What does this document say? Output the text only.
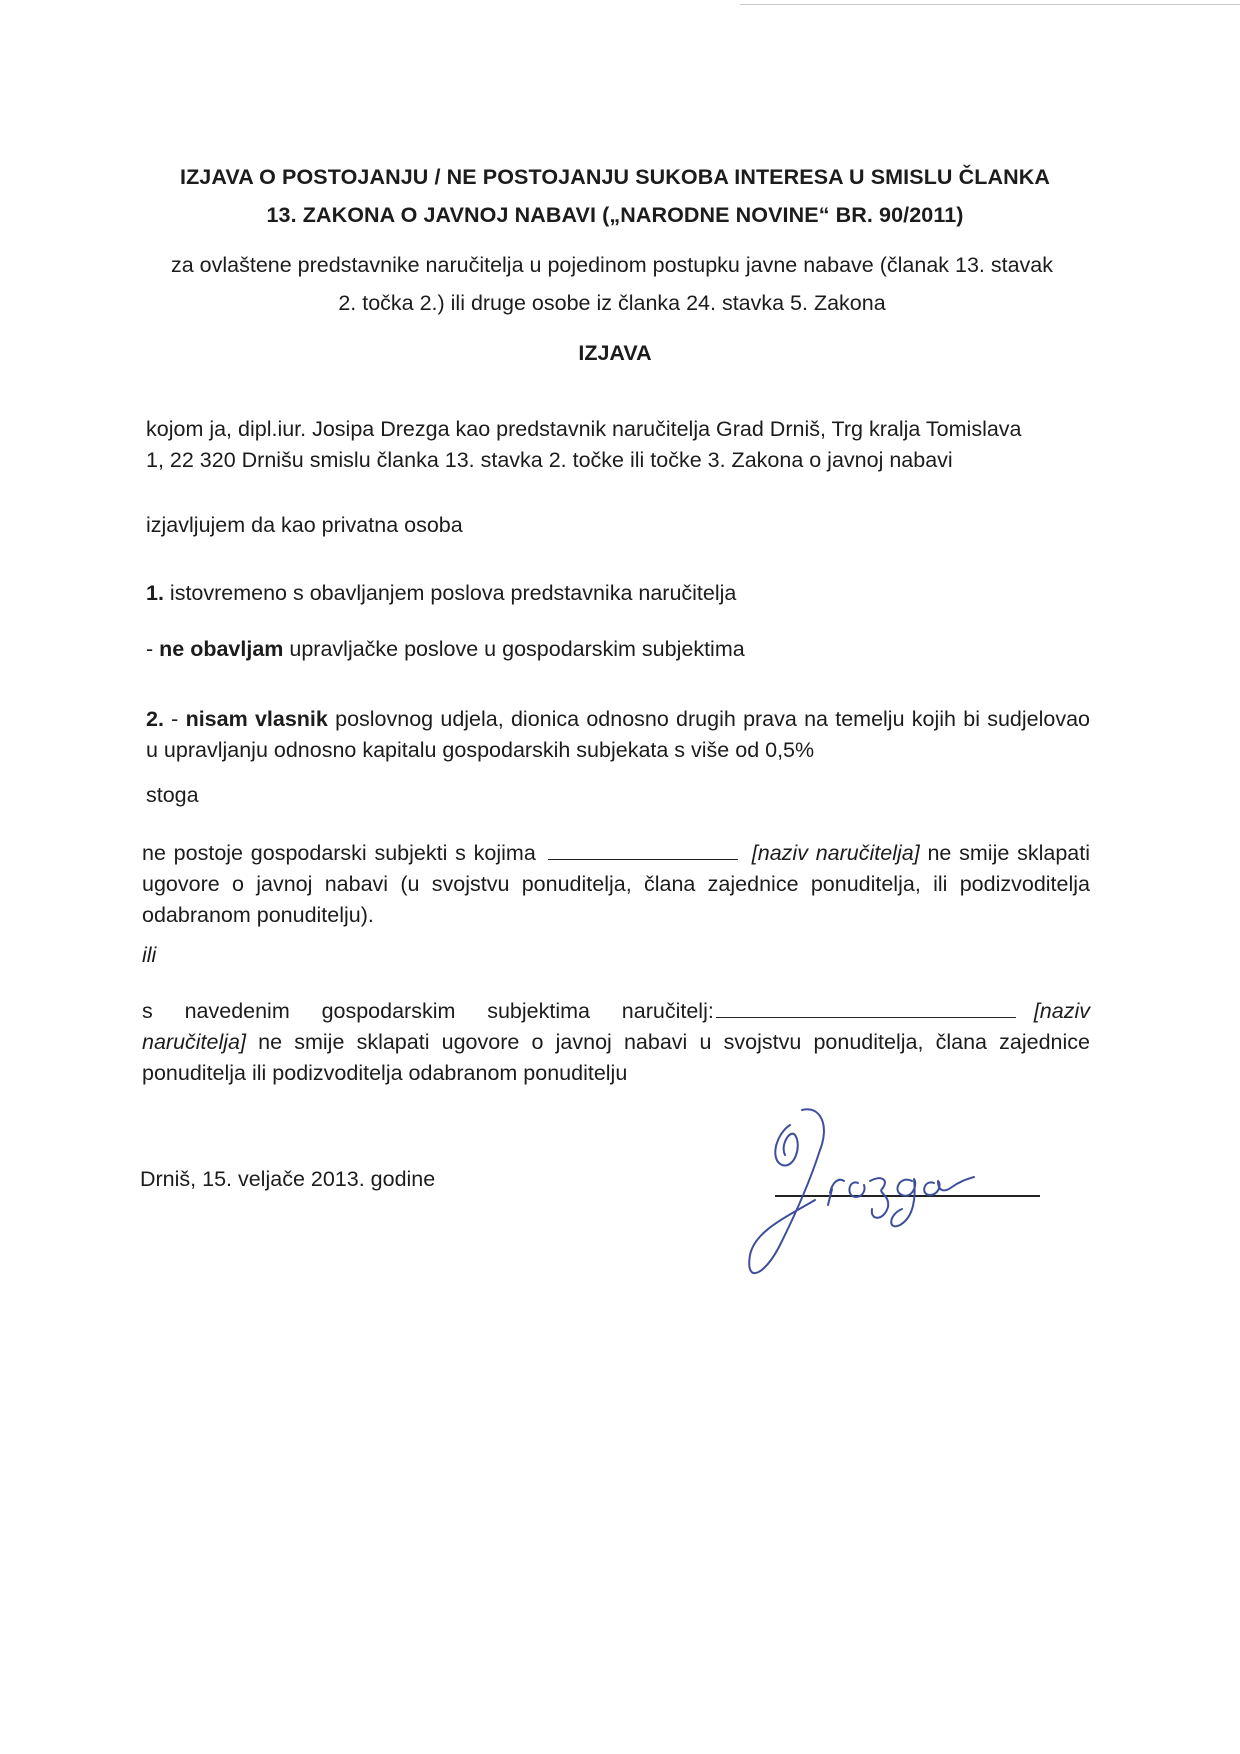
IZJAVA O POSTOJANJU / NE POSTOJANJU SUKOBA INTERESA U SMISLU ČLANKA
13. ZAKONA O JAVNOJ NABAVI („NARODNE NOVINE“ BR. 90/2011)
za ovlaštene predstavnike naručitelja u pojedinom postupku javne nabave (članak 13. stavak
2. točka 2.) ili druge osobe iz članka 24. stavka 5. Zakona
IZJAVA
kojom ja, dipl.iur. Josipa Drezga kao predstavnik naručitelja Grad Drniš, Trg kralja Tomislava
1, 22 320 Drnišu smislu članka 13. stavka 2. točke ili točke 3. Zakona o javnoj nabavi
izjavljujem da kao privatna osoba
1. istovremeno s obavljanjem poslova predstavnika naručitelja
- ne obavljam upravljačke poslove u gospodarskim subjektima
2. - nisam vlasnik poslovnog udjela, dionica odnosno drugih prava na temelju kojih bi sudjelovao u upravljanju odnosno kapitalu gospodarskih subjekata s više od 0,5%
stoga
ne postoje gospodarski subjekti s kojima	[naziv naručitelja] ne smije sklapati ugovore o javnoj nabavi (u svojstvu ponuditelja, člana zajednice ponuditelja, ili podizvoditelja odabranom ponuditelju).
ili
s navedenim gospodarskim subjektima naručitelj:	[naziv naručitelja] ne smije sklapati ugovore o javnoj nabavi u svojstvu ponuditelja, člana zajednice ponuditelja ili podizvoditelja odabranom ponuditelju
Drniš, 15. veljače 2013. godine
